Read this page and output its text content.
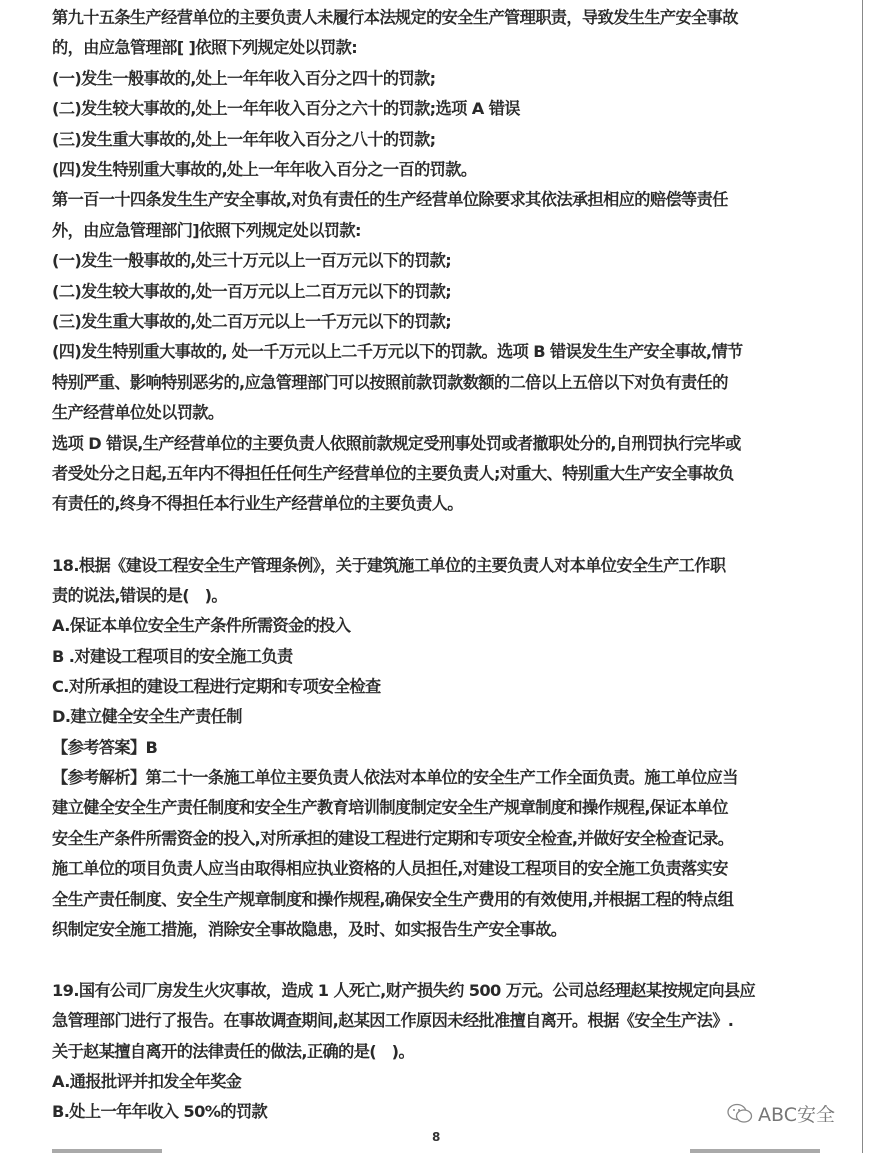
第九十五条生产经营单位的主要负责人未履行本法规定的安全生产管理职责，导致发生生产安全事故
的，由应急管理部[ ]依照下列规定处以罚款:
(一)发生一般事故的,处上一年年收入百分之四十的罚款;
(二)发生较大事故的,处上一年年收入百分之六十的罚款;选项 A 错误
(三)发生重大事故的,处上一年年收入百分之八十的罚款;
(四)发生特别重大事故的,处上一年年收入百分之一百的罚款。
第一百一十四条发生生产安全事故,对负有责任的生产经营单位除要求其依法承担相应的赔偿等责任
外，由应急管理部门]依照下列规定处以罚款:
(一)发生一般事故的,处三十万元以上一百万元以下的罚款;
(二)发生较大事故的,处一百万元以上二百万元以下的罚款;
(三)发生重大事故的,处二百万元以上一千万元以下的罚款;
(四)发生特别重大事故的, 处一千万元以上二千万元以下的罚款。选项 B 错误发生生产安全事故,情节
特别严重、影响特别恶劣的,应急管理部门可以按照前款罚款数额的二倍以上五倍以下对负有责任的
生产经营单位处以罚款。
选项 D 错误,生产经营单位的主要负责人依照前款规定受刑事处罚或者撤职处分的,自刑罚执行完毕或
者受处分之日起,五年内不得担任任何生产经营单位的主要负责人;对重大、特别重大生产安全事故负
有责任的,终身不得担任本行业生产经营单位的主要负责人。
18.根据《建设工程安全生产管理条例》，关于建筑施工单位的主要负责人对本单位安全生产工作职
责的说法,错误的是(　)。
A.保证本单位安全生产条件所需资金的投入
B .对建设工程项目的安全施工负责
C.对所承担的建设工程进行定期和专项安全检查
D.建立健全安全生产责任制
【参考答案】B
【参考解析】第二十一条施工单位主要负责人依法对本单位的安全生产工作全面负责。施工单位应当
建立健全安全生产责任制度和安全生产教育培训制度制定安全生产规章制度和操作规程,保证本单位
安全生产条件所需资金的投入,对所承担的建设工程进行定期和专项安全检查,并做好安全检查记录。
施工单位的项目负责人应当由取得相应执业资格的人员担任,对建设工程项目的安全施工负责落实安
全生产责任制度、安全生产规章制度和操作规程,确保安全生产费用的有效使用,并根据工程的特点组
织制定安全施工措施，消除安全事故隐患，及时、如实报告生产安全事故。
19.国有公司厂房发生火灾事故，造成 1 人死亡,财产损失约 500 万元。公司总经理赵某按规定向县应
急管理部门进行了报告。在事故调查期间,赵某因工作原因未经批准擅自离开。根据《安全生产法》.
关于赵某擅自离开的法律责任的做法,正确的是(　)。
A.通报批评并扣发全年奖金
B.处上一年年收入 50%的罚款
8
ABC安全
